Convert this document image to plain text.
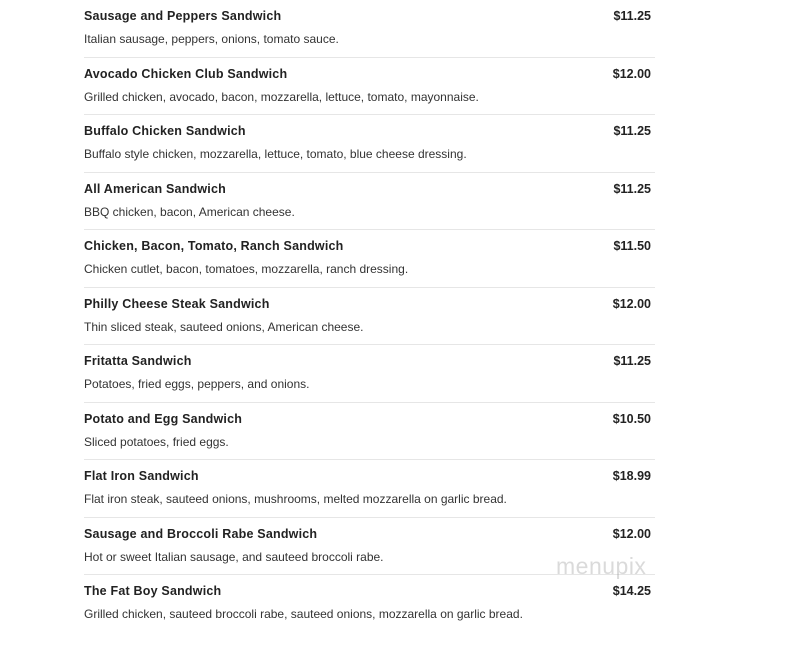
Sausage and Peppers Sandwich	$11.25
Italian sausage, peppers, onions, tomato sauce.
Avocado Chicken Club Sandwich	$12.00
Grilled chicken, avocado, bacon, mozzarella, lettuce, tomato, mayonnaise.
Buffalo Chicken Sandwich	$11.25
Buffalo style chicken, mozzarella, lettuce, tomato, blue cheese dressing.
All American Sandwich	$11.25
BBQ chicken, bacon, American cheese.
Chicken, Bacon, Tomato, Ranch Sandwich	$11.50
Chicken cutlet, bacon, tomatoes, mozzarella, ranch dressing.
Philly Cheese Steak Sandwich	$12.00
Thin sliced steak, sauteed onions, American cheese.
Fritatta Sandwich	$11.25
Potatoes, fried eggs, peppers, and onions.
Potato and Egg Sandwich	$10.50
Sliced potatoes, fried eggs.
Flat Iron Sandwich	$18.99
Flat iron steak, sauteed onions, mushrooms, melted mozzarella on garlic bread.
Sausage and Broccoli Rabe Sandwich	$12.00
Hot or sweet Italian sausage, and sauteed broccoli rabe.
The Fat Boy Sandwich	$14.25
Grilled chicken, sauteed broccoli rabe, sauteed onions, mozzarella on garlic bread.
menupix
